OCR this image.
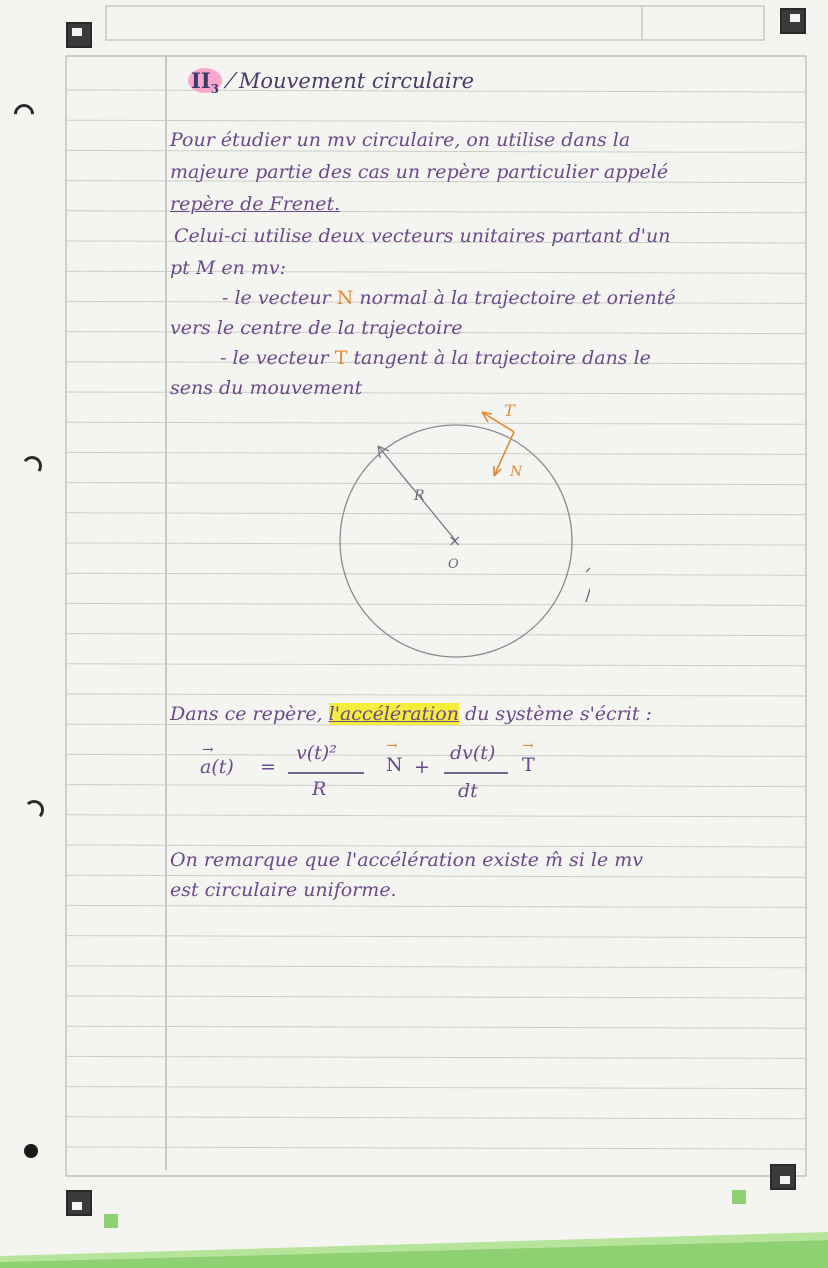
$II_3$ ⁄ Mouvement circulaire

Pour étudier un mv circulaire, on utilise dans la

majeure partie des cas un repère particulier appelé

repère de Frenet.

Celui-ci utilise deux vecteurs unitaires partant d'un

pt M en mv:

- le vecteur N normal à la trajectoire et orienté

vers le centre de la trajectoire

- le vecteur T tangent à la trajectoire dans le

sens du mouvement

T
N
R
×
O

Dans ce repère, l'accélération du système s'écrit :

→
a(t) =
v(t)²
R
→
N +
dv(t)
dt
→
T

On remarque que l'accélération existe m̂ si le mv

est circulaire uniforme.
